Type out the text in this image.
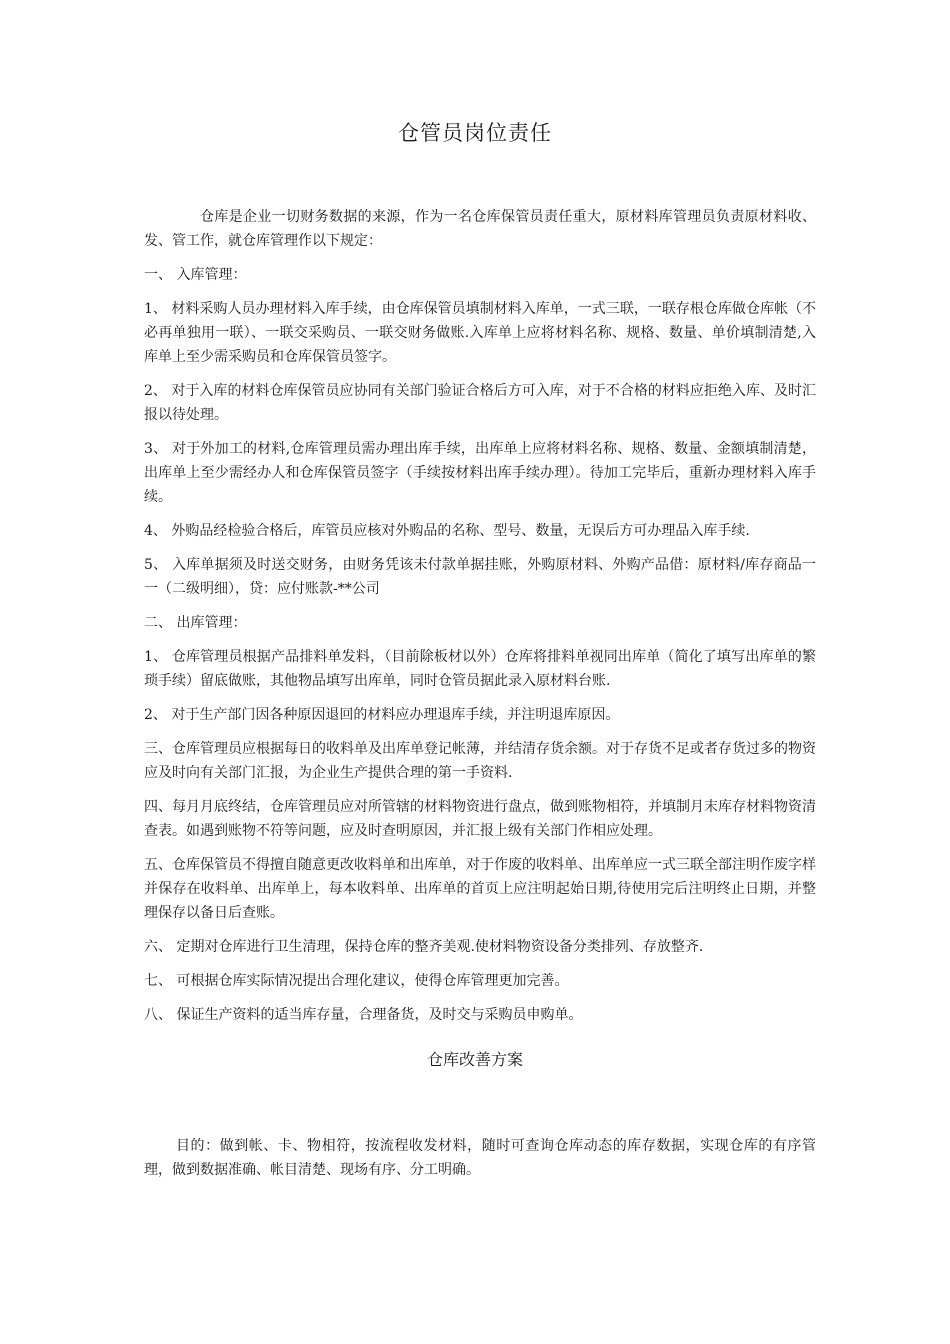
仓管员岗位责任

仓库是企业一切财务数据的来源，作为一名仓库保管员责任重大，原材料库管理员负责原材料收、发、管工作，就仓库管理作以下规定：

一、 入库管理：

1、 材料采购人员办理材料入库手续，由仓库保管员填制材料入库单，一式三联，一联存根仓库做仓库帐（不必再单独用一联）、一联交采购员、一联交财务做账.入库单上应将材料名称、规格、数量、单价填制清楚,入库单上至少需采购员和仓库保管员签字。

2、 对于入库的材料仓库保管员应协同有关部门验证合格后方可入库，对于不合格的材料应拒绝入库、及时汇报以待处理。

3、 对于外加工的材料,仓库管理员需办理出库手续，出库单上应将材料名称、规格、数量、金额填制清楚，出库单上至少需经办人和仓库保管员签字（手续按材料出库手续办理）。待加工完毕后，重新办理材料入库手续。

4、 外购品经检验合格后，库管员应核对外购品的名称、型号、数量，无误后方可办理品入库手续.

5、 入库单据须及时送交财务，由财务凭该未付款单据挂账，外购原材料、外购产品借：原材料/库存商品一一（二级明细），贷：应付账款-**公司

二、 出库管理：

1、 仓库管理员根据产品排料单发料，（目前除板材以外）仓库将排料单视同出库单（简化了填写出库单的繁琐手续）留底做账，其他物品填写出库单，同时仓管员据此录入原材料台账.

2、 对于生产部门因各种原因退回的材料应办理退库手续，并注明退库原因。

三、仓库管理员应根据每日的收料单及出库单登记帐薄，并结清存货余额。对于存货不足或者存货过多的物资应及时向有关部门汇报，为企业生产提供合理的第一手资料.

四、每月月底终结，仓库管理员应对所管辖的材料物资进行盘点，做到账物相符，并填制月末库存材料物资清查表。如遇到账物不符等问题，应及时查明原因，并汇报上级有关部门作相应处理。

五、仓库保管员不得擅自随意更改收料单和出库单，对于作废的收料单、出库单应一式三联全部注明作废字样并保存在收料单、出库单上，每本收料单、出库单的首页上应注明起始日期,待使用完后注明终止日期，并整理保存以备日后查账。

六、 定期对仓库进行卫生清理，保持仓库的整齐美观.使材料物资设备分类排列、存放整齐.

七、 可根据仓库实际情况提出合理化建议，使得仓库管理更加完善。

八、 保证生产资料的适当库存量，合理备货，及时交与采购员申购单。

仓库改善方案

目的：做到帐、卡、物相符，按流程收发材料，随时可查询仓库动态的库存数据，实现仓库的有序管理，做到数据准确、帐目清楚、现场有序、分工明确。
